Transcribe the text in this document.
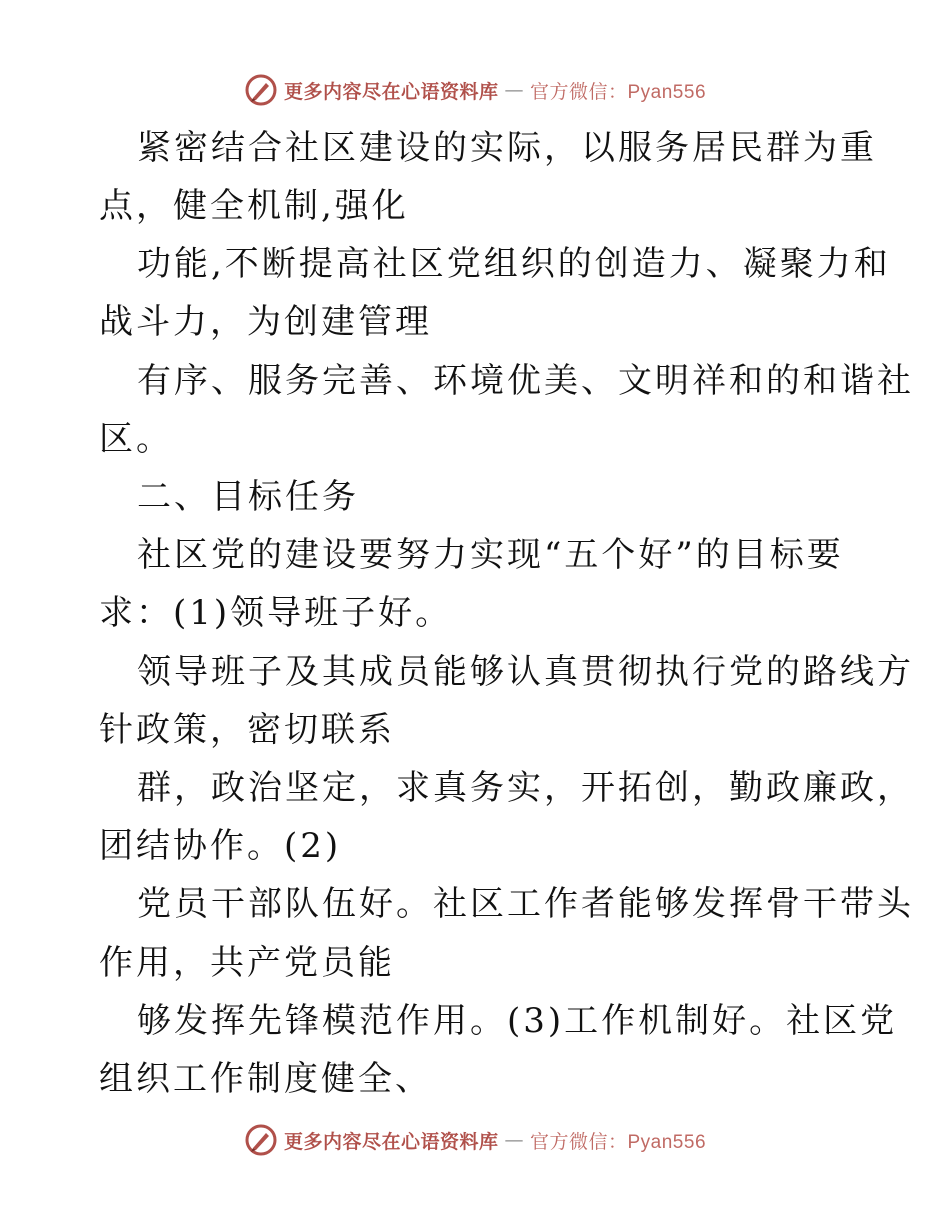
更多内容尽在心语资料库 — 官方微信：Pyan556
紧密结合社区建设的实际，以服务居民群为重
点，健全机制,强化
功能,不断提高社区党组织的创造力、凝聚力和
战斗力，为创建管理
有序、服务完善、环境优美、文明祥和的和谐社
区。
二、目标任务
社区党的建设要努力实现“五个好”的目标要
求：(1)领导班子好。
领导班子及其成员能够认真贯彻执行党的路线方
针政策，密切联系
群，政治坚定，求真务实，开拓创，勤政廉政，
团结协作。(2)
党员干部队伍好。社区工作者能够发挥骨干带头
作用，共产党员能
够发挥先锋模范作用。(3)工作机制好。社区党
组织工作制度健全、
更多内容尽在心语资料库 — 官方微信：Pyan556
